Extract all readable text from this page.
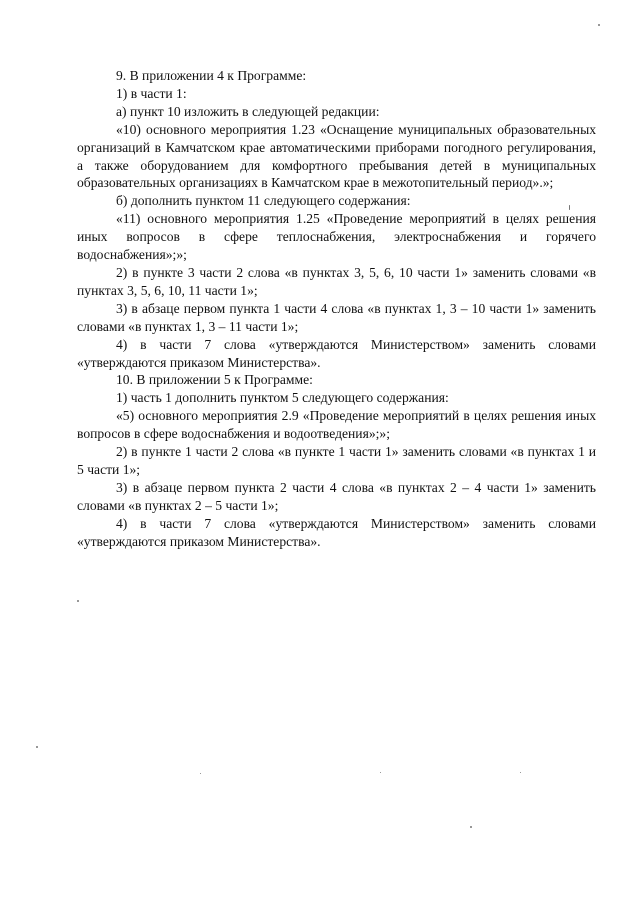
9. В приложении 4 к Программе:

1) в части 1:

а) пункт 10 изложить в следующей редакции:

«10) основного мероприятия 1.23 «Оснащение муниципальных образовательных организаций в Камчатском крае автоматическими приборами погодного регулирования, а также оборудованием для комфортного пребывания детей в муниципальных образовательных организациях в Камчатском крае в межотопительный период».»;

б) дополнить пунктом 11 следующего содержания:

«11) основного мероприятия 1.25 «Проведение мероприятий в целях решения иных вопросов в сфере теплоснабжения, электроснабжения и горячего водоснабжения»;»;

2) в пункте 3 части 2 слова «в пунктах 3, 5, 6, 10 части 1» заменить словами «в пунктах 3, 5, 6, 10, 11 части 1»;

3) в абзаце первом пункта 1 части 4 слова «в пунктах 1, 3 – 10 части 1» заменить словами «в пунктах 1, 3 – 11 части 1»;

4) в части 7 слова «утверждаются Министерством» заменить словами «утверждаются приказом Министерства».

10. В приложении 5 к Программе:

1) часть 1 дополнить пунктом 5 следующего содержания:

«5) основного мероприятия 2.9 «Проведение мероприятий в целях решения иных вопросов в сфере водоснабжения и водоотведения»;»;

2) в пункте 1 части 2 слова «в пункте 1 части 1» заменить словами «в пунктах 1 и 5 части 1»;

3) в абзаце первом пункта 2 части 4 слова «в пунктах 2 – 4 части 1» заменить словами «в пунктах 2 – 5 части 1»;

4) в части 7 слова «утверждаются Министерством» заменить словами «утверждаются приказом Министерства».
